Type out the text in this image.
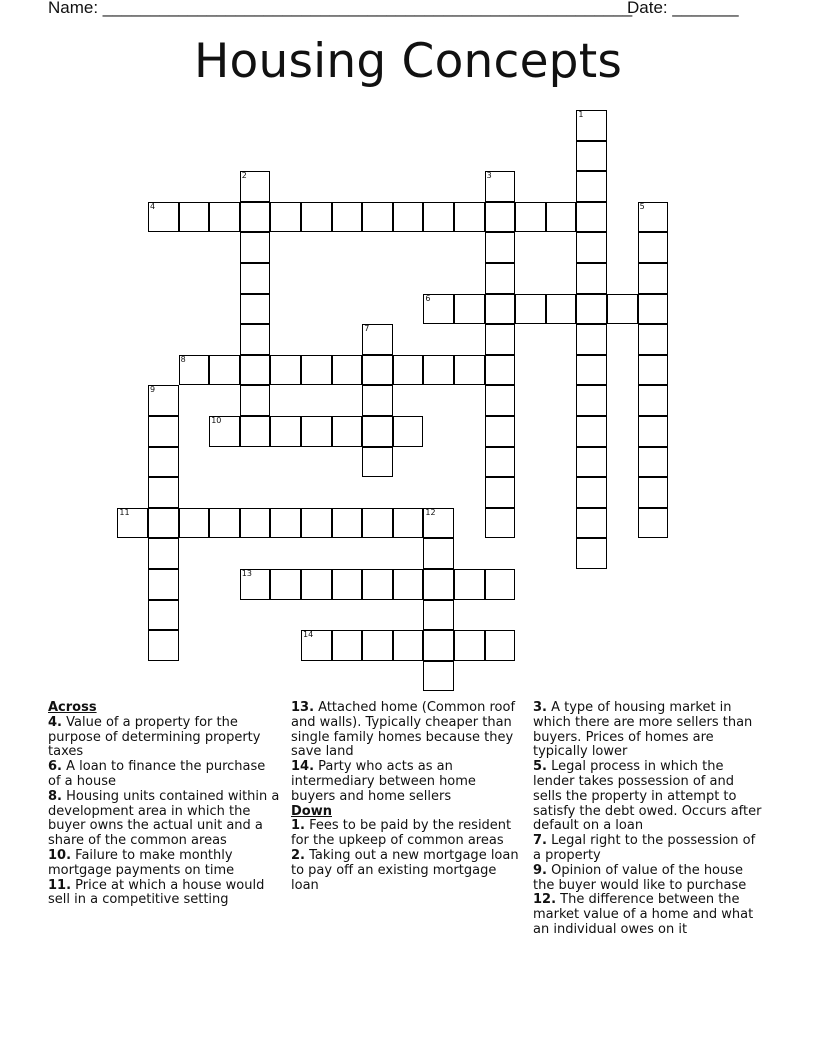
Name: ________________________________________________________
Date: _______
Housing Concepts
1
2	3
4	5
6
7
8
9
10
11	12
13
14
Across
4. Value of a property for the purpose of determining property taxes
6. A loan to finance the purchase of a house
8. Housing units contained within a development area in which the buyer owns the actual unit and a share of the common areas
10. Failure to make monthly mortgage payments on time
11. Price at which a house would sell in a competitive setting
13. Attached home (Common roof and walls). Typically cheaper than single family homes because they save land
14. Party who acts as an intermediary between home buyers and home sellers
Down
1. Fees to be paid by the resident for the upkeep of common areas
2. Taking out a new mortgage loan to pay off an existing mortgage loan
3. A type of housing market in which there are more sellers than buyers. Prices of homes are typically lower
5. Legal process in which the lender takes possession of and sells the property in attempt to satisfy the debt owed. Occurs after default on a loan
7. Legal right to the possession of a property
9. Opinion of value of the house the buyer would like to purchase
12. The difference between the market value of a home and what an individual owes on it
